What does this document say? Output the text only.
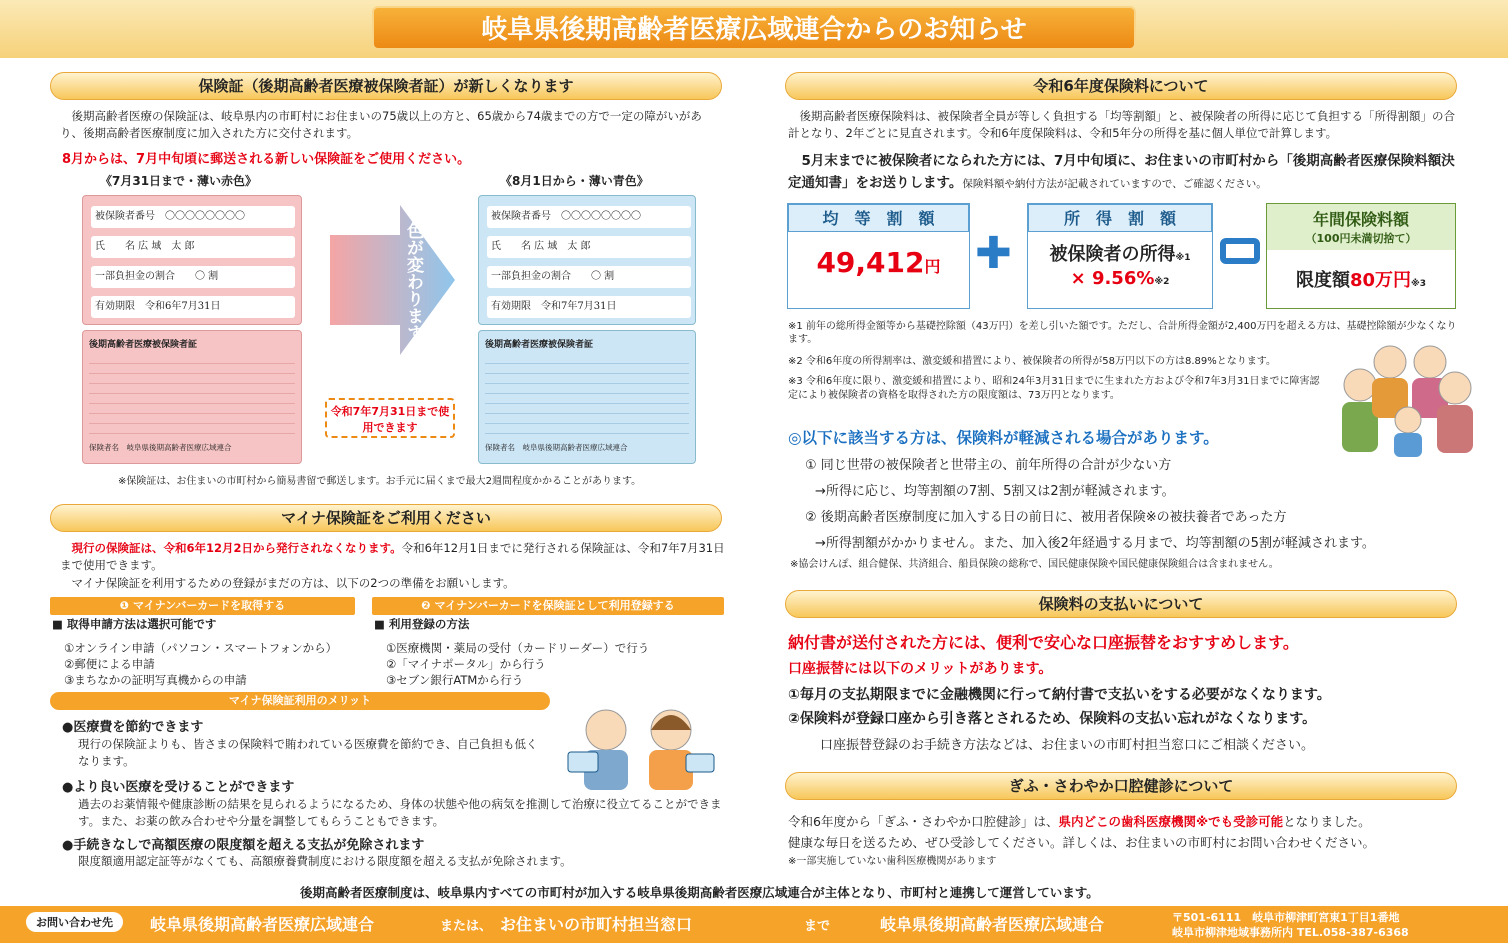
岐阜県後期高齢者医療広域連合からのお知らせ
保険証（後期高齢者医療被保険者証）が新しくなります
後期高齢者医療の保険証は、岐阜県内の市町村にお住まいの75歳以上の方と、65歳から74歳までの方で一定の障がいがあり、後期高齢者医療制度に加入された方に交付されます。
8月からは、7月中旬頃に郵送される新しい保険証をご使用ください。
《7月31日まで・薄い赤色》	《8月1日から・薄い青色》
被保険者番号　〇〇〇〇〇〇〇〇
氏　　名 広 域　太 郎
一部負担金の割合　　〇 割
有効期限　令和6年7月31日
後期高齢者医療被保険者証
保険者名　岐阜県後期高齢者医療広域連合
色が変わります
被保険者番号　〇〇〇〇〇〇〇〇
氏　　名 広 域　太 郎
一部負担金の割合　　〇 割
有効期限　令和7年7月31日
後期高齢者医療被保険者証
保険者名　岐阜県後期高齢者医療広域連合
令和7年7月31日まで使用できます
※保険証は、お住まいの市町村から簡易書留で郵送します。お手元に届くまで最大2週間程度かかることがあります。
マイナ保険証をご利用ください
現行の保険証は、令和6年12月2日から発行されなくなります。令和6年12月1日までに発行される保険証は、令和7年7月31日まで使用できます。
マイナ保険証を利用するための登録がまだの方は、以下の2つの準備をお願いします。
❶ マイナンバーカードを取得する
■ 取得申請方法は選択可能です
①オンライン申請（パソコン・スマートフォンから）
②郵便による申請
③まちなかの証明写真機からの申請
❷ マイナンバーカードを保険証として利用登録する
■ 利用登録の方法
①医療機関・薬局の受付（カードリーダー）で行う
②「マイナポータル」から行う
③セブン銀行ATMから行う
マイナ保険証利用のメリット
●医療費を節約できます
現行の保険証よりも、皆さまの保険料で賄われている医療費を節約でき、自己負担も低くなります。
●より良い医療を受けることができます
過去のお薬情報や健康診断の結果を見られるようになるため、身体の状態や他の病気を推測して治療に役立てることができます。また、お薬の飲み合わせや分量を調整してもらうこともできます。
●手続きなしで高額医療の限度額を超える支払が免除されます
限度額適用認定証等がなくても、高額療養費制度における限度額を超える支払が免除されます。
令和6年度保険料について
後期高齢者医療保険料は、被保険者全員が等しく負担する「均等割額」と、被保険者の所得に応じて負担する「所得割額」の合計となり、2年ごとに見直されます。令和6年度保険料は、令和5年分の所得を基に個人単位で計算します。
5月末までに被保険者になられた方には、7月中旬頃に、お住まいの市町村から「後期高齢者医療保険料額決定通知書」をお送りします。保険料額や納付方法が記載されていますので、ご確認ください。
均　等　割　額
49,412円 ✚
所　得　割　額
被保険者の所得※1
× 9.56%※2
年間保険料額
（100円未満切捨て）
限度額80万円※3
※1 前年の総所得金額等から基礎控除額（43万円）を差し引いた額です。ただし、合計所得金額が2,400万円を超える方は、基礎控除額が少なくなります。
※2 令和6年度の所得割率は、激変緩和措置により、被保険者の所得が58万円以下の方は8.89%となります。
※3 令和6年度に限り、激変緩和措置により、昭和24年3月31日までに生まれた方および令和7年3月31日までに障害認定により被保険者の資格を取得された方の限度額は、73万円となります。
◎以下に該当する方は、保険料が軽減される場合があります。
① 同じ世帯の被保険者と世帯主の、前年所得の合計が少ない方
→所得に応じ、均等割額の7割、5割又は2割が軽減されます。
② 後期高齢者医療制度に加入する日の前日に、被用者保険※の被扶養者であった方
→所得割額がかかりません。また、加入後2年経過する月まで、均等割額の5割が軽減されます。
※協会けんぽ、組合健保、共済組合、船員保険の総称で、国民健康保険や国民健康保険組合は含まれません。
保険料の支払いについて
納付書が送付された方には、便利で安心な口座振替をおすすめします。
口座振替には以下のメリットがあります。
①毎月の支払期限までに金融機関に行って納付書で支払いをする必要がなくなります。
②保険料が登録口座から引き落とされるため、保険料の支払い忘れがなくなります。
口座振替登録のお手続き方法などは、お住まいの市町村担当窓口にご相談ください。
ぎふ・さわやか口腔健診について
令和6年度から「ぎふ・さわやか口腔健診」は、県内どこの歯科医療機関※でも受診可能となりました。
健康な毎日を送るため、ぜひ受診してください。詳しくは、お住まいの市町村にお問い合わせください。
※一部実施していない歯科医療機関があります
後期高齢者医療制度は、岐阜県内すべての市町村が加入する岐阜県後期高齢者医療広域連合が主体となり、市町村と連携して運営しています。
お問い合わせ先	岐阜県後期高齢者医療広域連合	または、 お住まいの市町村担当窓口	まで	岐阜県後期高齢者医療広域連合	〒501-6111　岐阜市柳津町宮東1丁目1番地
岐阜市柳津地域事務所内 TEL.058-387-6368
